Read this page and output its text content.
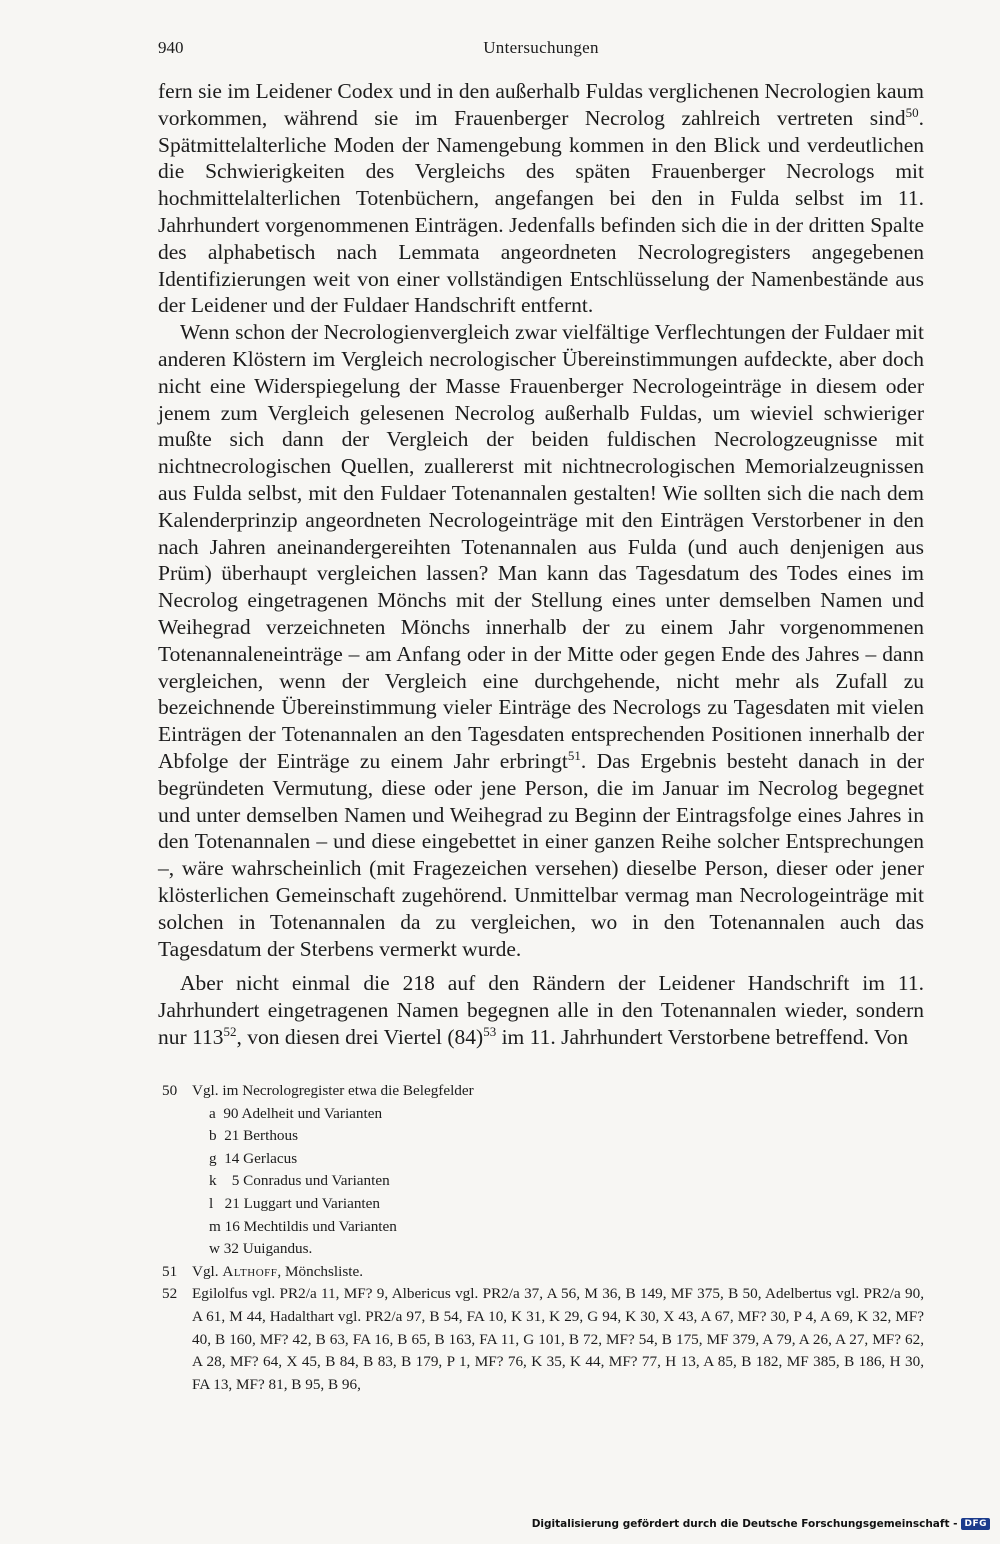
940	Untersuchungen

fern sie im Leidener Codex und in den außerhalb Fuldas verglichenen Necrologien kaum vorkommen, während sie im Frauenberger Necrolog zahlreich vertreten sind$^{50}$. Spätmittelalterliche Moden der Namengebung kommen in den Blick und verdeutlichen die Schwierigkeiten des Vergleichs des späten Frauenberger Necrologs mit hochmittelalterlichen Totenbüchern, angefangen bei den in Fulda selbst im 11. Jahrhundert vorgenommenen Einträgen. Jedenfalls befinden sich die in der dritten Spalte des alphabetisch nach Lemmata angeordneten Necrologregisters angegebenen Identifizierungen weit von einer vollständigen Entschlüsselung der Namenbestände aus der Leidener und der Fuldaer Handschrift entfernt.

Wenn schon der Necrologienvergleich zwar vielfältige Verflechtungen der Fuldaer mit anderen Klöstern im Vergleich necrologischer Übereinstimmungen aufdeckte, aber doch nicht eine Widerspiegelung der Masse Frauenberger Necrologeinträge in diesem oder jenem zum Vergleich gelesenen Necrolog außerhalb Fuldas, um wieviel schwieriger mußte sich dann der Vergleich der beiden fuldischen Necrologzeugnisse mit nichtnecrologischen Quellen, zuallererst mit nichtnecrologischen Memorialzeugnissen aus Fulda selbst, mit den Fuldaer Totenannalen gestalten! Wie sollten sich die nach dem Kalenderprinzip angeordneten Necrologeinträge mit den Einträgen Verstorbener in den nach Jahren aneinandergereihten Totenannalen aus Fulda (und auch denjenigen aus Prüm) überhaupt vergleichen lassen? Man kann das Tagesdatum des Todes eines im Necrolog eingetragenen Mönchs mit der Stellung eines unter demselben Namen und Weihegrad verzeichneten Mönchs innerhalb der zu einem Jahr vorgenommenen Totenannaleneinträge – am Anfang oder in der Mitte oder gegen Ende des Jahres – dann vergleichen, wenn der Vergleich eine durchgehende, nicht mehr als Zufall zu bezeichnende Übereinstimmung vieler Einträge des Necrologs zu Tagesdaten mit vielen Einträgen der Totenannalen an den Tagesdaten entsprechenden Positionen innerhalb der Abfolge der Einträge zu einem Jahr erbringt$^{51}$. Das Ergebnis besteht danach in der begründeten Vermutung, diese oder jene Person, die im Januar im Necrolog begegnet und unter demselben Namen und Weihegrad zu Beginn der Eintragsfolge eines Jahres in den Totenannalen – und diese eingebettet in einer ganzen Reihe solcher Entsprechungen –, wäre wahrscheinlich (mit Fragezeichen versehen) dieselbe Person, dieser oder jener klösterlichen Gemeinschaft zugehörend. Unmittelbar vermag man Necrologeinträge mit solchen in Totenannalen da zu vergleichen, wo in den Totenannalen auch das Tagesdatum der Sterbens vermerkt wurde.

Aber nicht einmal die 218 auf den Rändern der Leidener Handschrift im 11. Jahrhundert eingetragenen Namen begegnen alle in den Totenannalen wieder, sondern nur 113$^{52}$, von diesen drei Viertel (84)$^{53}$ im 11. Jahrhundert Verstorbene betreffend. Von

50 Vgl. im Necrologregister etwa die Belegfelder
a  90 Adelheit und Varianten
b  21 Berthous
g  14 Gerlacus
k    5 Conradus und Varianten
l   21 Luggart und Varianten
m 16 Mechtildis und Varianten
w 32 Uuigandus.
51 Vgl. Althoff, Mönchsliste.
52 Egilolfus vgl. PR2/a 11, MF? 9, Albericus vgl. PR2/a 37, A 56, M 36, B 149, MF 375, B 50, Adelbertus vgl. PR2/a 90, A 61, M 44, Hadalthart vgl. PR2/a 97, B 54, FA 10, K 31, K 29, G 94, K 30, X 43, A 67, MF? 30, P 4, A 69, K 32, MF? 40, B 160, MF? 42, B 63, FA 16, B 65, B 163, FA 11, G 101, B 72, MF? 54, B 175, MF 379, A 79, A 26, A 27, MF? 62, A 28, MF? 64, X 45, B 84, B 83, B 179, P 1, MF? 76, K 35, K 44, MF? 77, H 13, A 85, B 182, MF 385, B 186, H 30, FA 13, MF? 81, B 95, B 96,
Digitalisierung gefördert durch die Deutsche Forschungsgemeinschaft - DFG
